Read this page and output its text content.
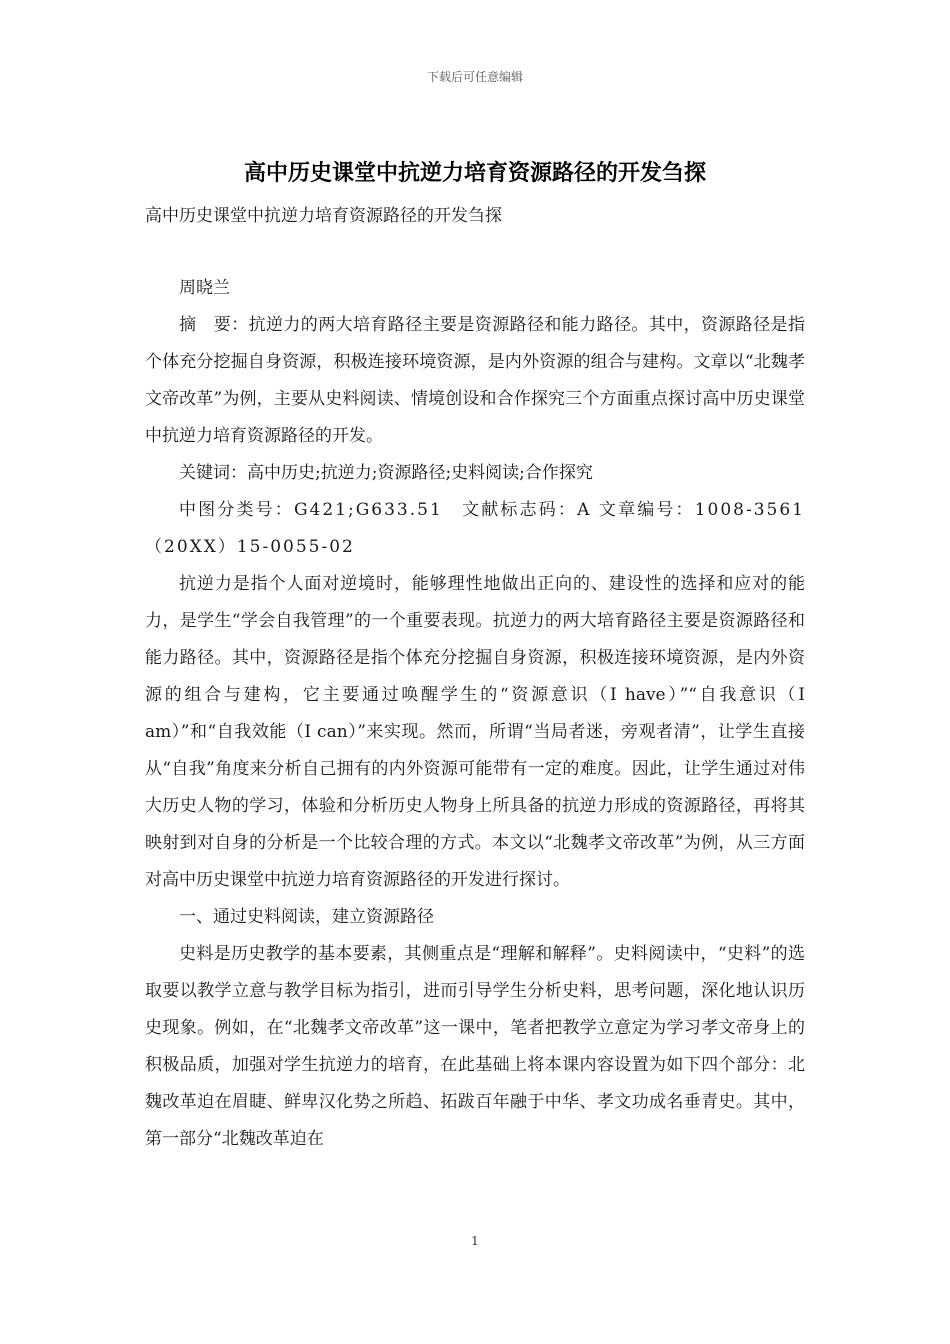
下载后可任意编辑
高中历史课堂中抗逆力培育资源路径的开发刍探

高中历史课堂中抗逆力培育资源路径的开发刍探

周晓兰

摘　要：抗逆力的两大培育路径主要是资源路径和能力路径。其中，资源路径是指个体充分挖掘自身资源，积极连接环境资源，是内外资源的组合与建构。文章以“北魏孝文帝改革”为例，主要从史料阅读、情境创设和合作探究三个方面重点探讨高中历史课堂中抗逆力培育资源路径的开发。

关键词：高中历史;抗逆力;资源路径;史料阅读;合作探究

中图分类号：G421;G633.51　文献标志码：A 文章编号：1008-3561（20XX）15-0055-02

抗逆力是指个人面对逆境时，能够理性地做出正向的、建设性的选择和应对的能力，是学生“学会自我管理”的一个重要表现。抗逆力的两大培育路径主要是资源路径和能力路径。其中，资源路径是指个体充分挖掘自身资源，积极连接环境资源，是内外资源的组合与建构，它主要通过唤醒学生的“资源意识（I have）”“自我意识（I am）”和“自我效能（I can）”来实现。然而，所谓“当局者迷，旁观者清”，让学生直接从“自我”角度来分析自己拥有的内外资源可能带有一定的难度。因此，让学生通过对伟大历史人物的学习，体验和分析历史人物身上所具备的抗逆力形成的资源路径，再将其映射到对自身的分析是一个比较合理的方式。本文以“北魏孝文帝改革”为例，从三方面对高中历史课堂中抗逆力培育资源路径的开发进行探讨。

一、通过史料阅读，建立资源路径

史料是历史教学的基本要素，其侧重点是“理解和解释”。史料阅读中，“史料”的选取要以教学立意与教学目标为指引，进而引导学生分析史料，思考问题，深化地认识历史现象。例如，在“北魏孝文帝改革”这一课中，笔者把教学立意定为学习孝文帝身上的积极品质，加强对学生抗逆力的培育，在此基础上将本课内容设置为如下四个部分：北魏改革迫在眉睫、鲜卑汉化势之所趋、拓跋百年融于中华、孝文功成名垂青史。其中，第一部分“北魏改革迫在

1
